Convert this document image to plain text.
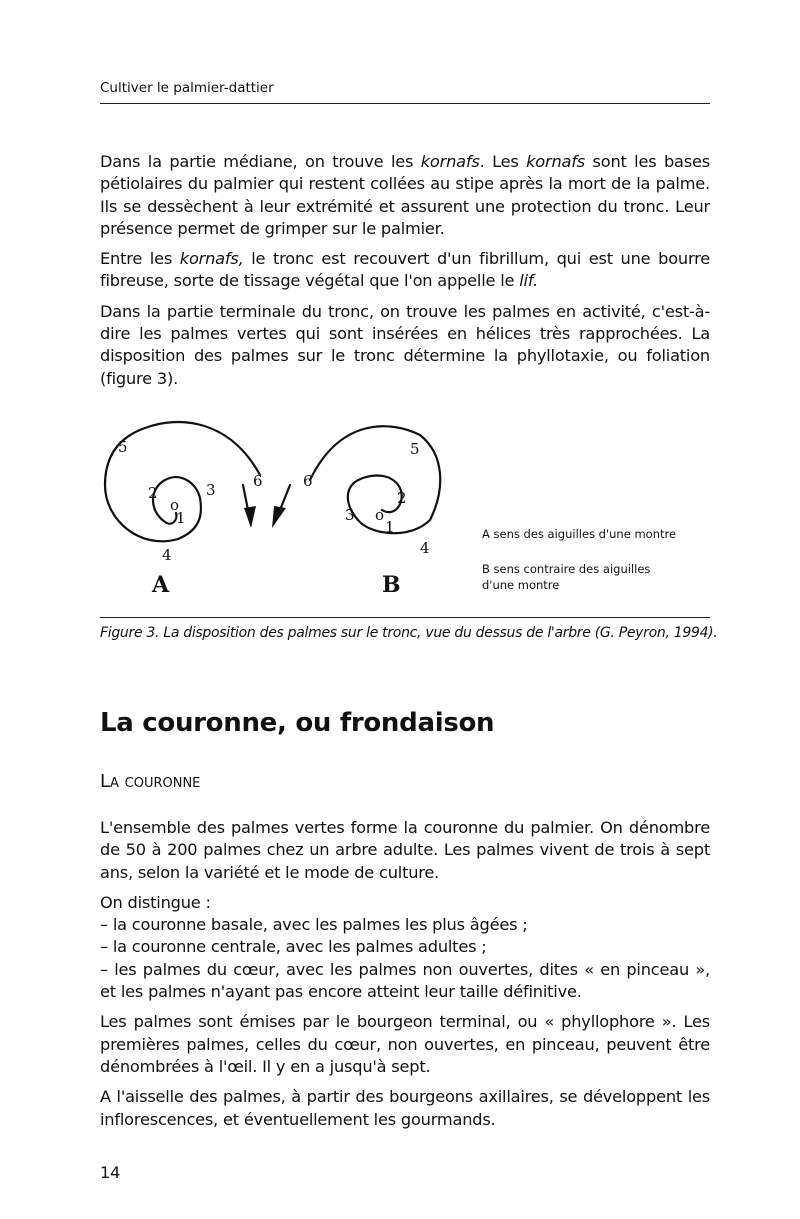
Cultiver le palmier-dattier

Dans la partie médiane, on trouve les kornafs. Les kornafs sont les bases pétiolaires du palmier qui restent collées au stipe après la mort de la palme. Ils se dessèchent à leur extrémité et assurent une protection du tronc. Leur présence permet de grimper sur le palmier.

Entre les kornafs, le tronc est recouvert d'un fibrillum, qui est une bourre fibreuse, sorte de tissage végétal que l'on appelle le lif.

Dans la partie terminale du tronc, on trouve les palmes en activité, c'est-à-dire les palmes vertes qui sont insérées en hélices très rapprochées. La disposition des palmes sur le tronc détermine la phyllotaxie, ou foliation (figure 3).

5
2
o
1
3
4
6	6
5
3
2
o
1
4
A	B
A sens des aiguilles d'une montre
B sens contraire des aiguilles
d'une montre
Figure 3. La disposition des palmes sur le tronc, vue du dessus de l'arbre (G. Peyron, 1994).
La couronne, ou frondaison
La couronne

L'ensemble des palmes vertes forme la couronne du palmier. On dénombre de 50 à 200 palmes chez un arbre adulte. Les palmes vivent de trois à sept ans, selon la variété et le mode de culture.

On distingue :
– la couronne basale, avec les palmes les plus âgées ;
– la couronne centrale, avec les palmes adultes ;
– les palmes du cœur, avec les palmes non ouvertes, dites « en pinceau », et les palmes n'ayant pas encore atteint leur taille définitive.

Les palmes sont émises par le bourgeon terminal, ou « phyllophore ». Les premières palmes, celles du cœur, non ouvertes, en pinceau, peuvent être dénombrées à l'œil. Il y en a jusqu'à sept.

A l'aisselle des palmes, à partir des bourgeons axillaires, se développent les inflorescences, et éventuellement les gourmands.

14
